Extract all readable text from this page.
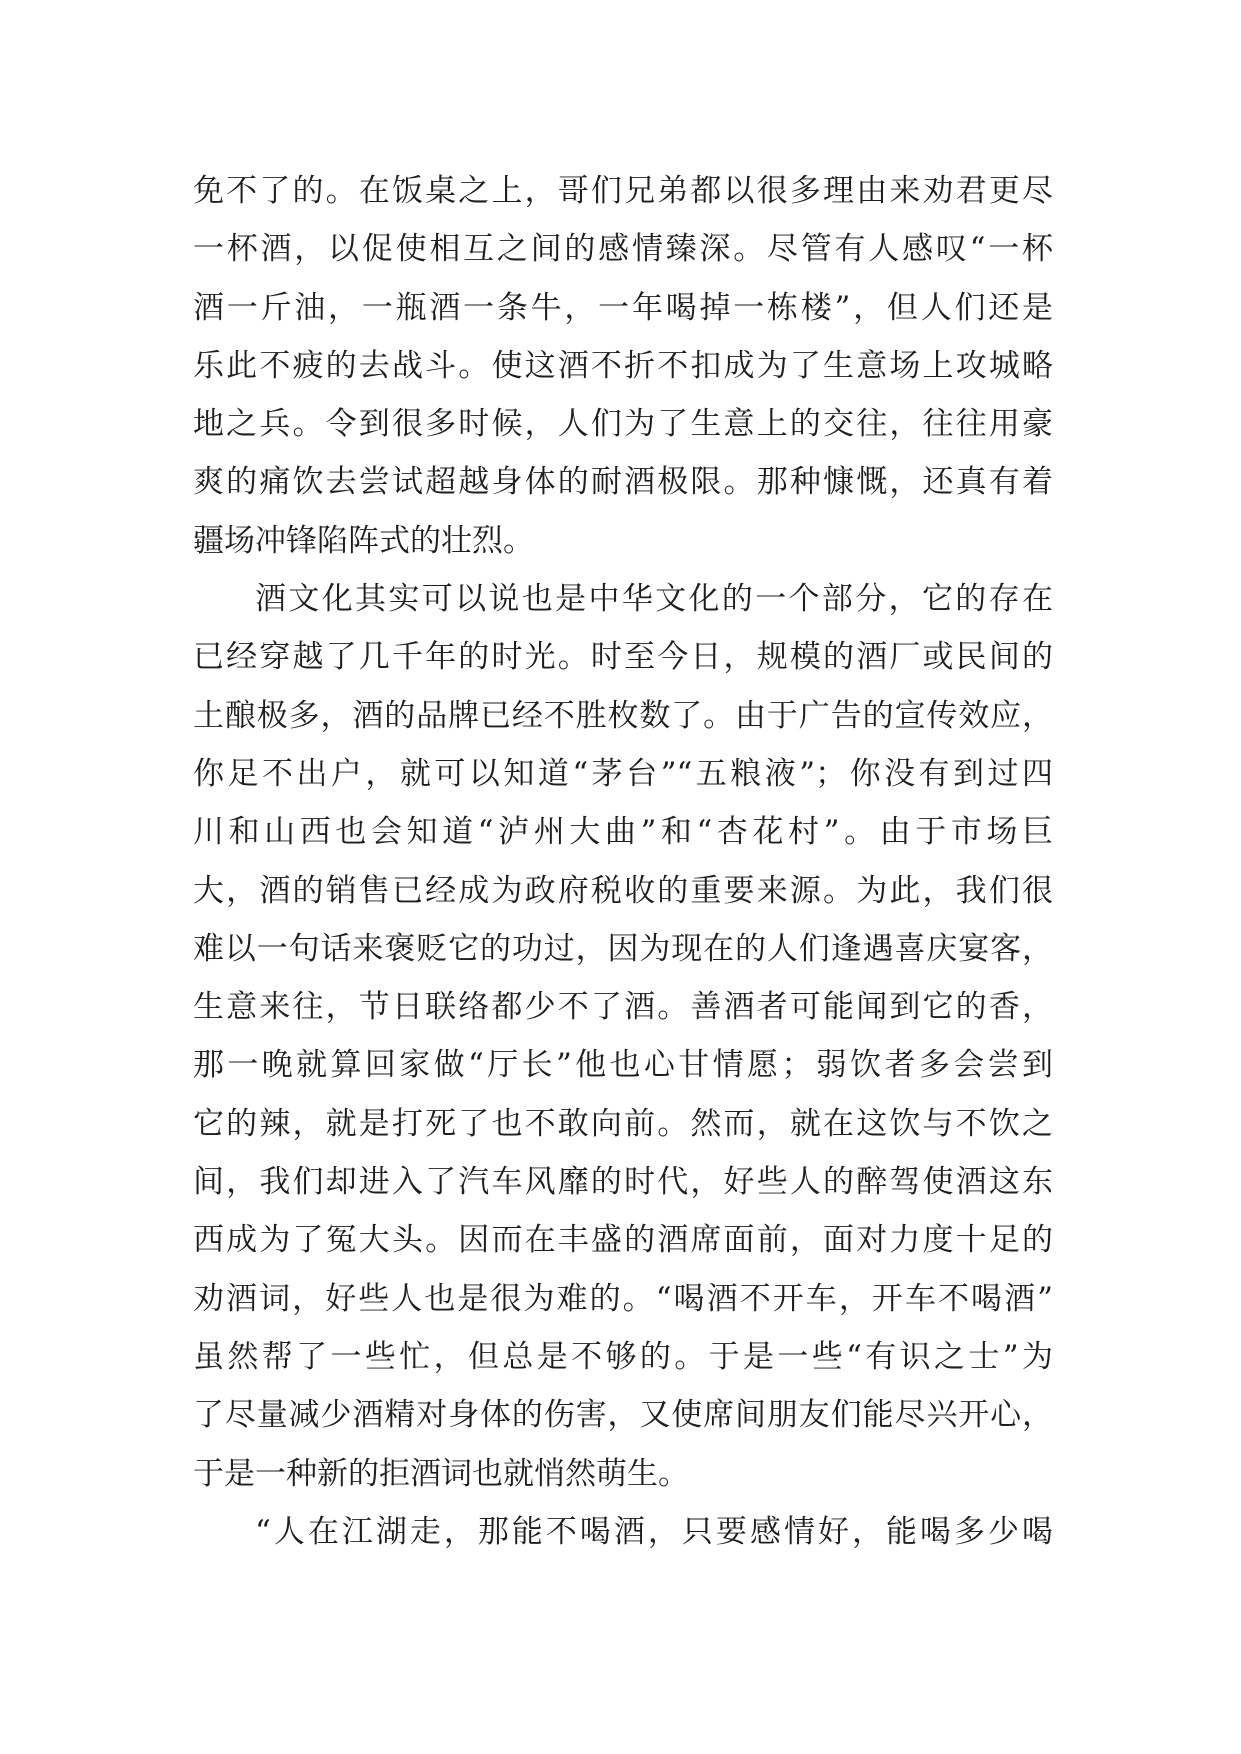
免不了的。在饭桌之上，哥们兄弟都以很多理由来劝君更尽
一杯酒，以促使相互之间的感情臻深。尽管有人感叹“一杯
酒一斤油，一瓶酒一条牛，一年喝掉一栋楼”，但人们还是
乐此不疲的去战斗。使这酒不折不扣成为了生意场上攻城略
地之兵。令到很多时候，人们为了生意上的交往，往往用豪
爽的痛饮去尝试超越身体的耐酒极限。那种慷慨，还真有着
疆场冲锋陷阵式的壮烈。
酒文化其实可以说也是中华文化的一个部分，它的存在
已经穿越了几千年的时光。时至今日，规模的酒厂或民间的
土酿极多，酒的品牌已经不胜枚数了。由于广告的宣传效应，
你足不出户，就可以知道“茅台”“五粮液”；你没有到过四
川和山西也会知道“泸州大曲”和“杏花村”。由于市场巨
大，酒的销售已经成为政府税收的重要来源。为此，我们很
难以一句话来褒贬它的功过，因为现在的人们逢遇喜庆宴客，
生意来往，节日联络都少不了酒。善酒者可能闻到它的香，
那一晚就算回家做“厅长”他也心甘情愿；弱饮者多会尝到
它的辣，就是打死了也不敢向前。然而，就在这饮与不饮之
间，我们却进入了汽车风靡的时代，好些人的醉驾使酒这东
西成为了冤大头。因而在丰盛的酒席面前，面对力度十足的
劝酒词，好些人也是很为难的。“喝酒不开车，开车不喝酒”
虽然帮了一些忙，但总是不够的。于是一些“有识之士”为
了尽量减少酒精对身体的伤害，又使席间朋友们能尽兴开心，
于是一种新的拒酒词也就悄然萌生。
“人在江湖走，那能不喝酒，只要感情好，能喝多少喝
